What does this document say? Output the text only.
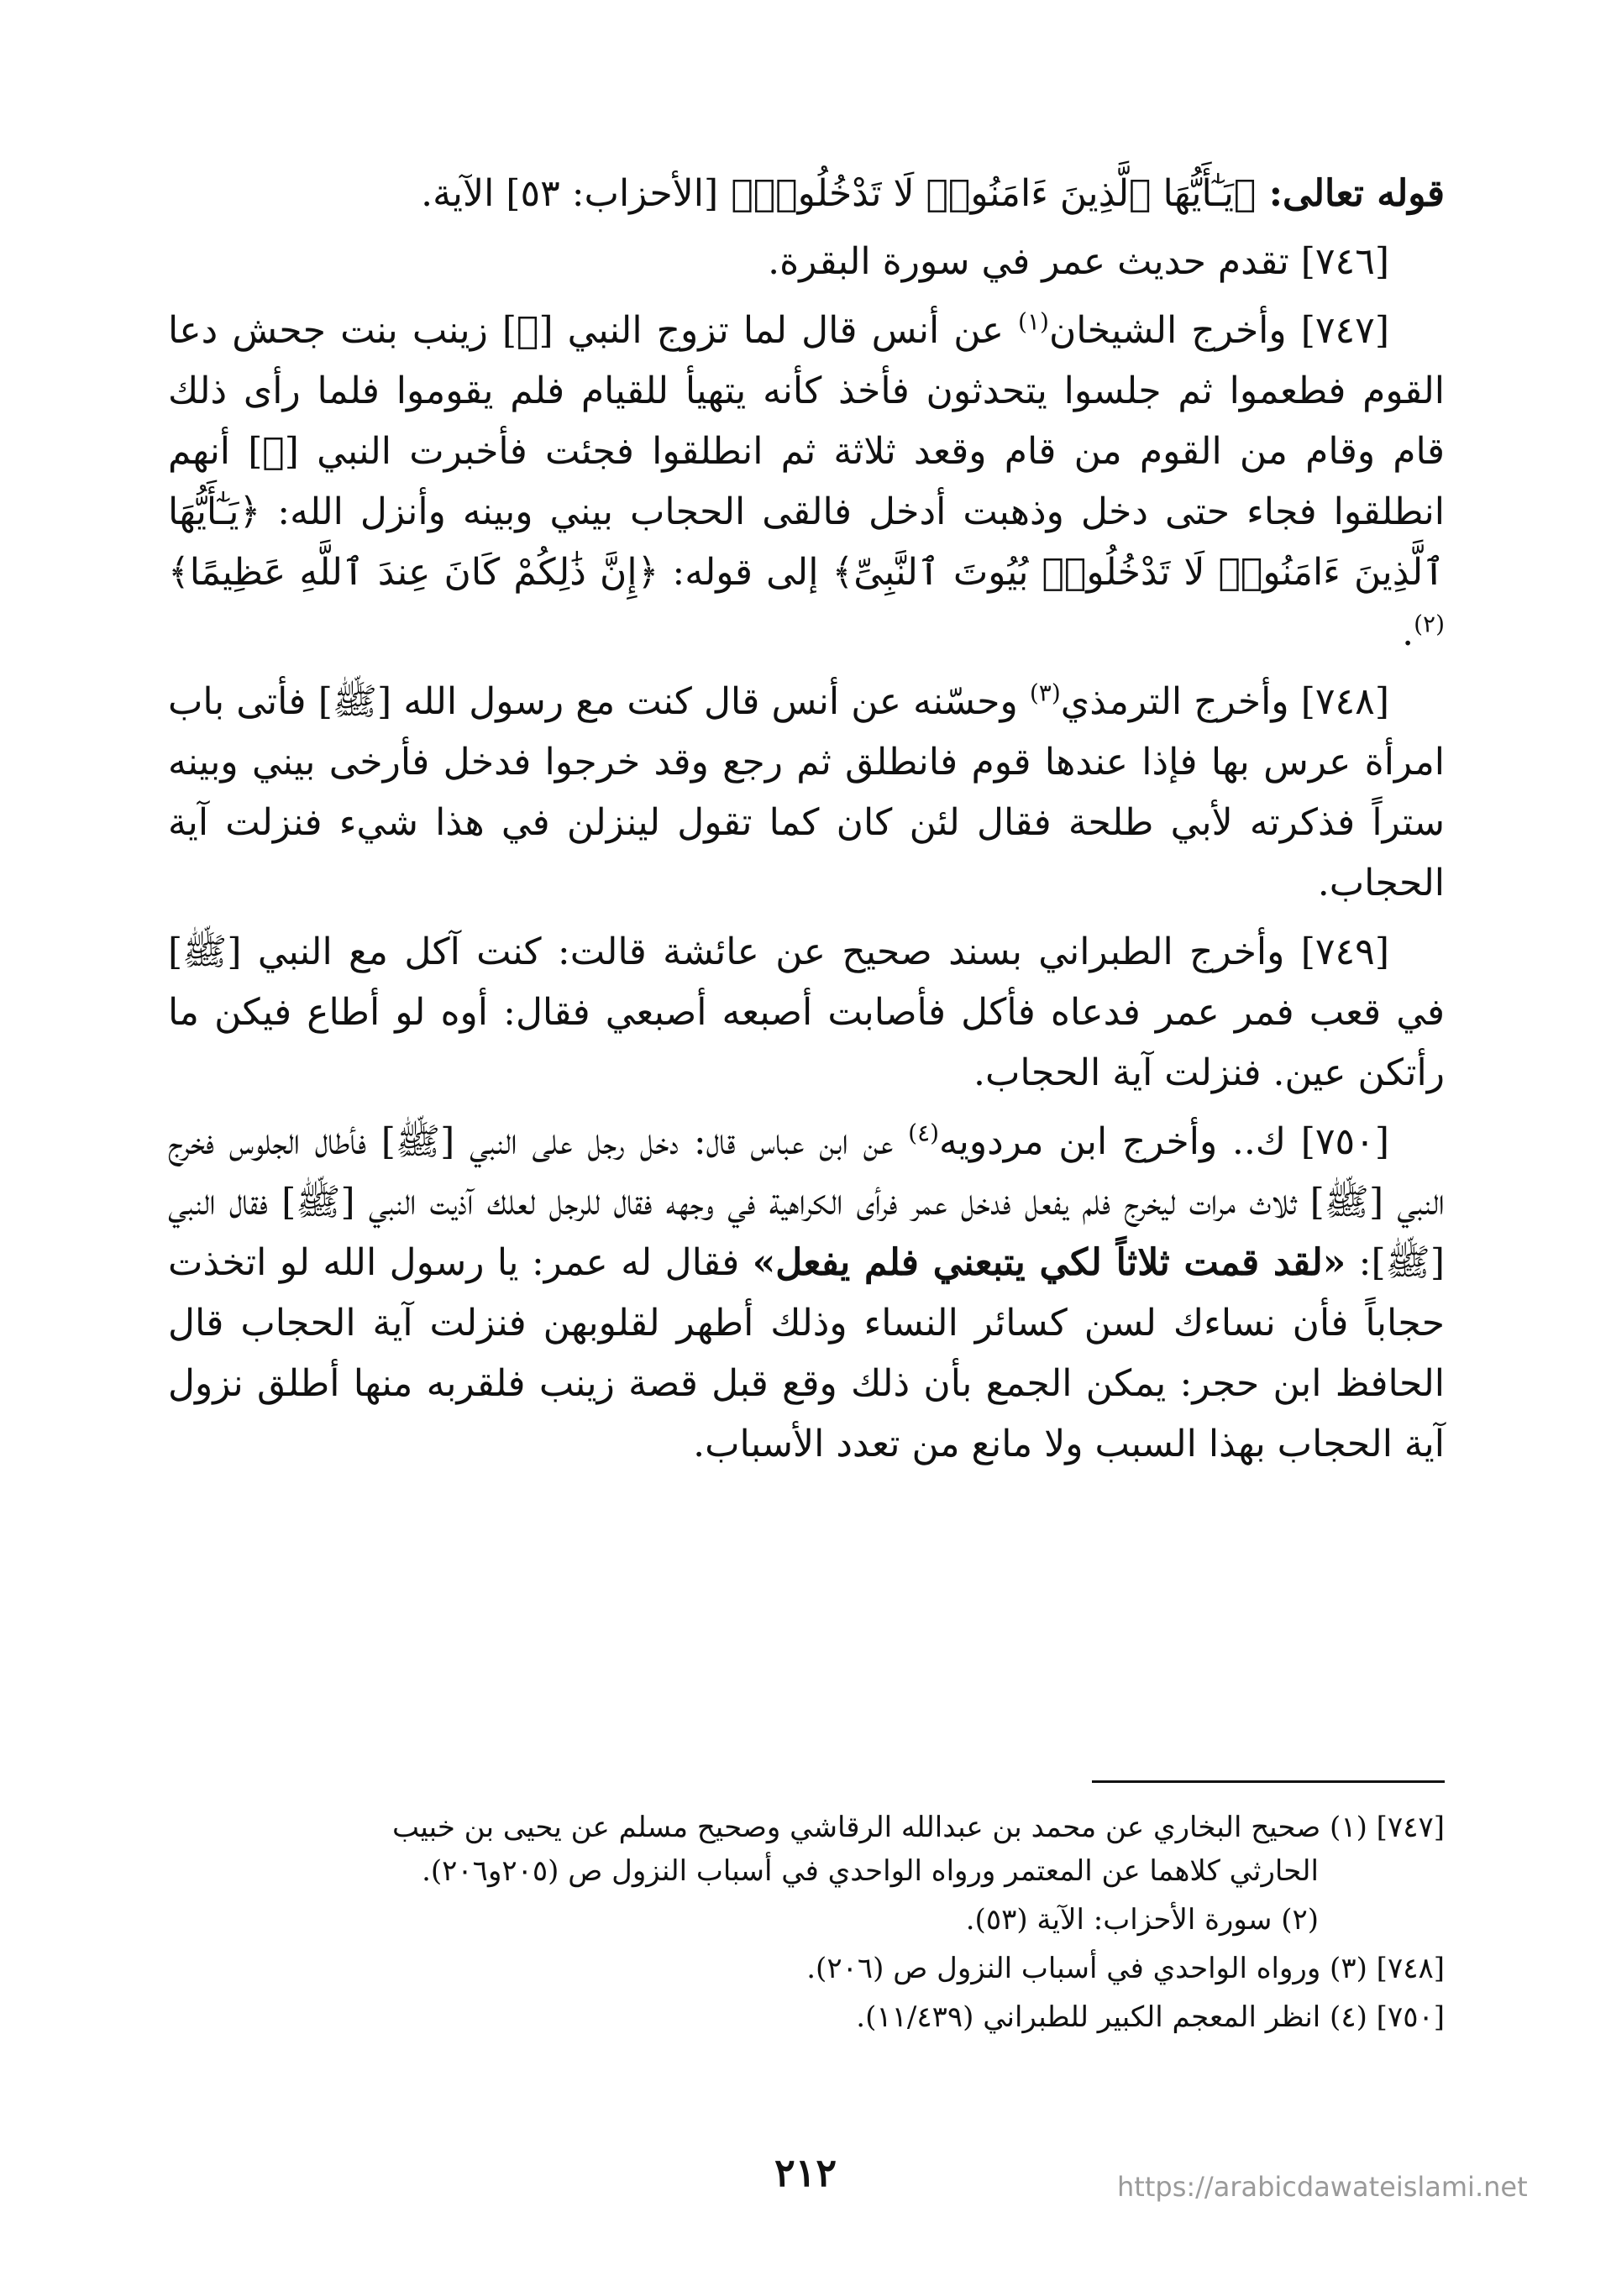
قوله تعالى: ﴿يَـٰٓأَيُّهَا ٱلَّذِينَ ءَامَنُوا۟ لَا تَدْخُلُوا۟﴾ [الأحزاب: ٥٣] الآية.

[٧٤٦] تقدم حديث عمر في سورة البقرة.

[٧٤٧] وأخرج الشيخان$^{(١)}$ عن أنس قال لما تزوج النبي [ﷺ] زينب بنت جحش دعا القوم فطعموا ثم جلسوا يتحدثون فأخذ كأنه يتهيأ للقيام فلم يقوموا فلما رأى ذلك قام وقام من القوم من قام وقعد ثلاثة ثم انطلقوا فجئت فأخبرت النبي [ﷺ] أنهم انطلقوا فجاء حتى دخل وذهبت أدخل فالقى الحجاب بيني وبينه وأنزل الله: ﴿يَـٰٓأَيُّهَا ٱلَّذِينَ ءَامَنُوا۟ لَا تَدْخُلُوا۟ بُيُوتَ ٱلنَّبِىِّ﴾ إلى قوله: ﴿إِنَّ ذَٰلِكُمْ كَانَ عِندَ ٱللَّهِ عَظِيمًا﴾$^{(٢)}$.

[٧٤٨] وأخرج الترمذي$^{(٣)}$ وحسّنه عن أنس قال كنت مع رسول الله [ﷺ] فأتى باب امرأة عرس بها فإذا عندها قوم فانطلق ثم رجع وقد خرجوا فدخل فأرخى بيني وبينه ستراً فذكرته لأبي طلحة فقال لئن كان كما تقول لينزلن في هذا شيء فنزلت آية الحجاب.

[٧٤٩] وأخرج الطبراني بسند صحيح عن عائشة قالت: كنت آكل مع النبي [ﷺ] في قعب فمر عمر فدعاه فأكل فأصابت أصبعه أصبعي فقال: أوه لو أطاع فيكن ما رأتكن عين. فنزلت آية الحجاب.

[٧٥٠] ك.. وأخرج ابن مردويه$^{(٤)}$ عن ابن عباس قال: دخل رجل على النبي [ﷺ] فأطال الجلوس فخرج النبي [ﷺ] ثلاث مرات ليخرج فلم يفعل فدخل عمر فرأى الكراهية في وجهه فقال للرجل لعلك آذيت النبي [ﷺ] فقال النبي [ﷺ]: «لقد قمت ثلاثاً لكي يتبعني فلم يفعل» فقال له عمر: يا رسول الله لو اتخذت حجاباً فأن نساءك لسن كسائر النساء وذلك أطهر لقلوبهن فنزلت آية الحجاب قال الحافظ ابن حجر: يمكن الجمع بأن ذلك وقع قبل قصة زينب فلقربه منها أطلق نزول آية الحجاب بهذا السبب ولا مانع من تعدد الأسباب.

[٧٤٧] (١) صحيح البخاري عن محمد بن عبدالله الرقاشي وصحيح مسلم عن يحيى بن خبيب
الحارثي كلاهما عن المعتمر ورواه الواحدي في أسباب النزول ص (٢٠٥و٢٠٦).
(٢) سورة الأحزاب: الآية (٥٣).
[٧٤٨] (٣) ورواه الواحدي في أسباب النزول ص (٢٠٦).
[٧٥٠] (٤) انظر المعجم الكبير للطبراني (١١/٤٣٩).
٢١٢	https://arabicdawateislami.net
